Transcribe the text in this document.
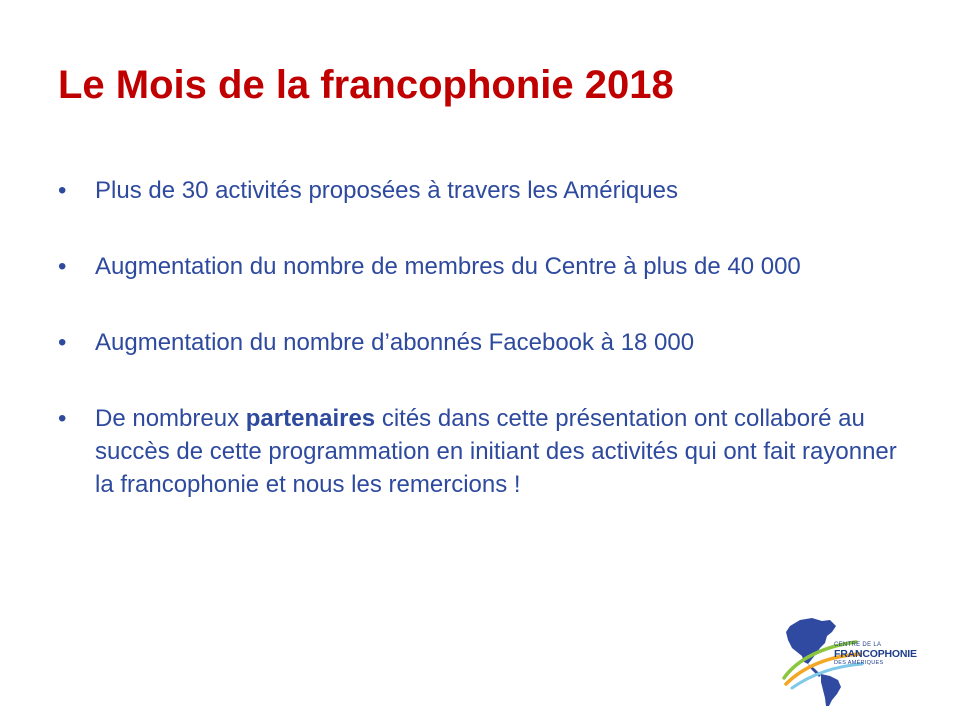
Le Mois de la francophonie 2018
•	Plus de 30 activités proposées à travers les Amériques
•	Augmentation du nombre de membres du Centre à plus de 40 000
•	Augmentation du nombre d’abonnés Facebook à 18 000
•	De nombreux partenaires cités dans cette présentation ont collaboré au succès de cette programmation en initiant des activités qui ont fait rayonner la francophonie et nous les remercions !
CENTRE DE LA
FRANCOPHONIE
DES AMÉRIQUES
